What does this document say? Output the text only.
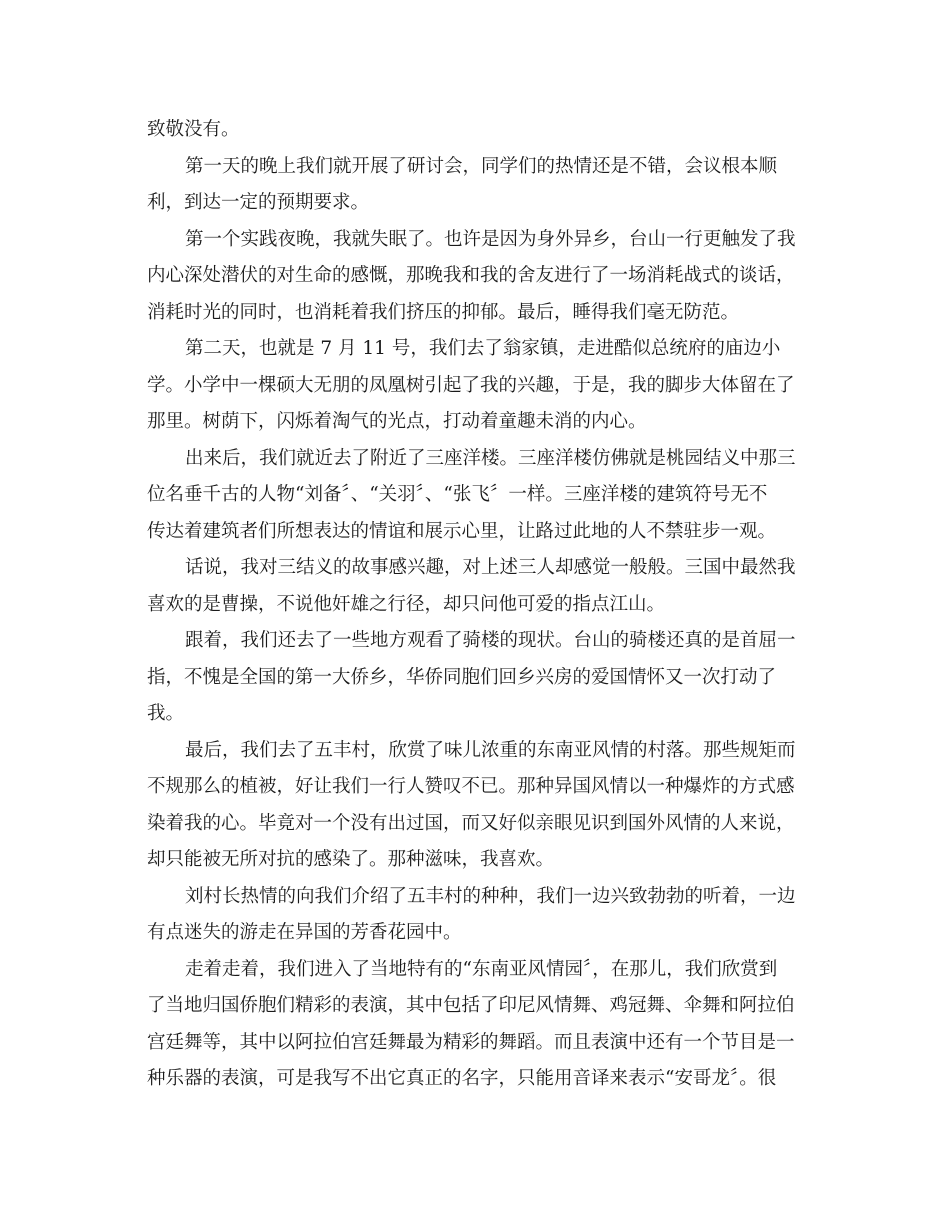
致敬没有。
第一天的晚上我们就开展了研讨会，同学们的热情还是不错，会议根本顺
利，到达一定的预期要求。
第一个实践夜晚，我就失眠了。也许是因为身外异乡，台山一行更触发了我
内心深处潜伏的对生命的感慨，那晚我和我的舍友进行了一场消耗战式的谈话，
消耗时光的同时，也消耗着我们挤压的抑郁。最后，睡得我们毫无防范。
第二天，也就是 7 月 11 号，我们去了翁家镇，走进酷似总统府的庙边小
学。小学中一棵硕大无朋的凤凰树引起了我的兴趣，于是，我的脚步大体留在了
那里。树荫下，闪烁着淘气的光点，打动着童趣未消的内心。
出来后，我们就近去了附近了三座洋楼。三座洋楼仿佛就是桃园结义中那三
位名垂千古的人物“刘备〞、“关羽〞、“张飞〞一样。三座洋楼的建筑符号无不
传达着建筑者们所想表达的情谊和展示心里，让路过此地的人不禁驻步一观。
话说，我对三结义的故事感兴趣，对上述三人却感觉一般般。三国中最然我
喜欢的是曹操，不说他奸雄之行径，却只问他可爱的指点江山。
跟着，我们还去了一些地方观看了骑楼的现状。台山的骑楼还真的是首屈一
指，不愧是全国的第一大侨乡，华侨同胞们回乡兴房的爱国情怀又一次打动了
我。
最后，我们去了五丰村，欣赏了味儿浓重的东南亚风情的村落。那些规矩而
不规那么的植被，好让我们一行人赞叹不已。那种异国风情以一种爆炸的方式感
染着我的心。毕竟对一个没有出过国，而又好似亲眼见识到国外风情的人来说，
却只能被无所对抗的感染了。那种滋味，我喜欢。
刘村长热情的向我们介绍了五丰村的种种，我们一边兴致勃勃的听着，一边
有点迷失的游走在异国的芳香花园中。
走着走着，我们进入了当地特有的“东南亚风情园〞，在那儿，我们欣赏到
了当地归国侨胞们精彩的表演，其中包括了印尼风情舞、鸡冠舞、伞舞和阿拉伯
宫廷舞等，其中以阿拉伯宫廷舞最为精彩的舞蹈。而且表演中还有一个节目是一
种乐器的表演，可是我写不出它真正的名字，只能用音译来表示“安哥龙〞。很
